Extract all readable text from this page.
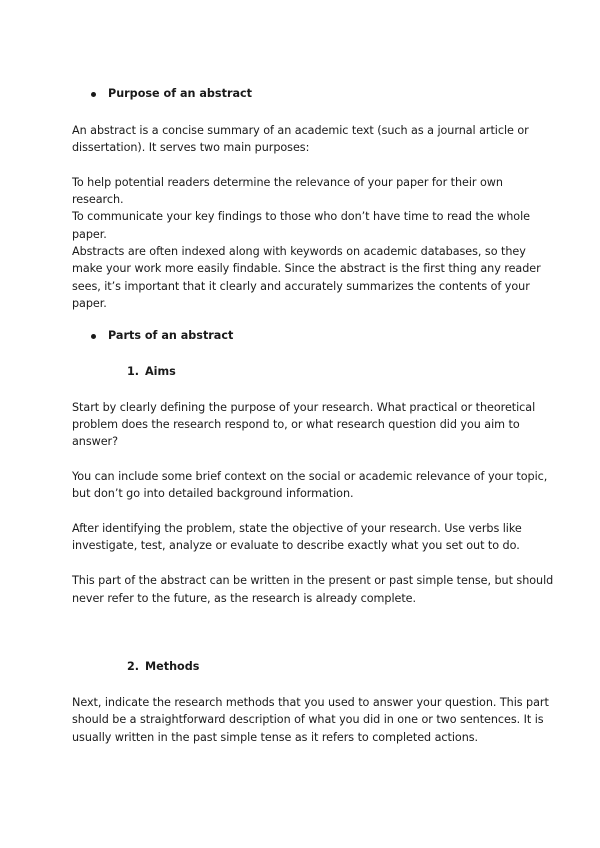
Purpose of an abstract
An abstract is a concise summary of an academic text (such as a journal article or
dissertation). It serves two main purposes:
To help potential readers determine the relevance of your paper for their own
research.
To communicate your key findings to those who don’t have time to read the whole
paper.
Abstracts are often indexed along with keywords on academic databases, so they
make your work more easily findable. Since the abstract is the first thing any reader
sees, it’s important that it clearly and accurately summarizes the contents of your
paper.
Parts of an abstract
1. Aims
Start by clearly defining the purpose of your research. What practical or theoretical
problem does the research respond to, or what research question did you aim to
answer?
You can include some brief context on the social or academic relevance of your topic,
but don’t go into detailed background information.
After identifying the problem, state the objective of your research. Use verbs like
investigate, test, analyze or evaluate to describe exactly what you set out to do.
This part of the abstract can be written in the present or past simple tense, but should
never refer to the future, as the research is already complete.
2. Methods
Next, indicate the research methods that you used to answer your question. This part
should be a straightforward description of what you did in one or two sentences. It is
usually written in the past simple tense as it refers to completed actions.
